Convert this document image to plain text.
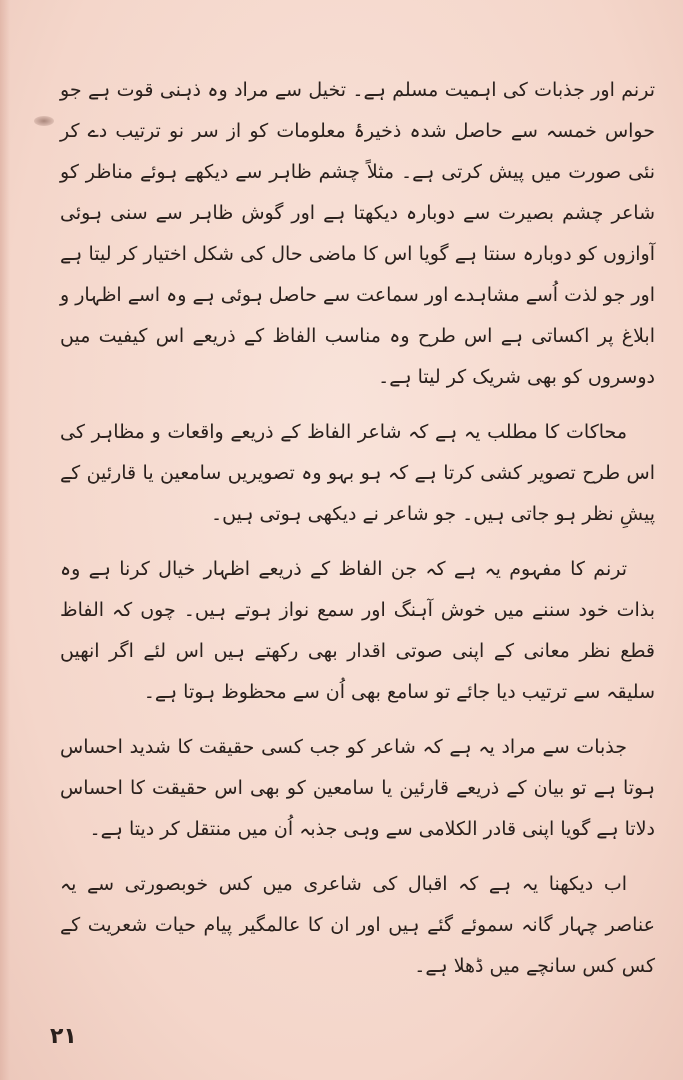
ترنم اور جذبات کی اہمیت مسلم ہے۔ تخیل سے مراد وہ ذہنی قوت ہے جو حواس خمسہ سے حاصل شدہ ذخیرۂ معلومات کو از سر نو ترتیب دے کر نئی صورت میں پیش کرتی ہے۔ مثلاً چشم ظاہر سے دیکھے ہوئے مناظر کو شاعر چشم بصیرت سے دوبارہ دیکھتا ہے اور گوش ظاہر سے سنی ہوئی آوازوں کو دوبارہ سنتا ہے گویا اس کا ماضی حال کی شکل اختیار کر لیتا ہے اور جو لذت اُسے مشاہدے اور سماعت سے حاصل ہوئی ہے وہ اسے اظہار و ابلاغ پر اکساتی ہے اس طرح وہ مناسب الفاظ کے ذریعے اس کیفیت میں دوسروں کو بھی شریک کر لیتا ہے۔

محاکات کا مطلب یہ ہے کہ شاعر الفاظ کے ذریعے واقعات و مظاہر کی اس طرح تصویر کشی کرتا ہے کہ ہو بہو وہ تصویریں سامعین یا قارئین کے پیشِ نظر ہو جاتی ہیں۔ جو شاعر نے دیکھی ہوتی ہیں۔

ترنم کا مفہوم یہ ہے کہ جن الفاظ کے ذریعے اظہار خیال کرنا ہے وہ بذات خود سننے میں خوش آہنگ اور سمع نواز ہوتے ہیں۔ چوں کہ الفاظ قطع نظر معانی کے اپنی صوتی اقدار بھی رکھتے ہیں اس لئے اگر انھیں سلیقہ سے ترتیب دیا جائے تو سامع بھی اُن سے محظوظ ہوتا ہے۔

جذبات سے مراد یہ ہے کہ شاعر کو جب کسی حقیقت کا شدید احساس ہوتا ہے تو بیان کے ذریعے قارئین یا سامعین کو بھی اس حقیقت کا احساس دلاتا ہے گویا اپنی قادر الکلامی سے وہی جذبہ اُن میں منتقل کر دیتا ہے۔

اب دیکھنا یہ ہے کہ اقبال کی شاعری میں کس خوبصورتی سے یہ عناصر چہار گانہ سموئے گئے ہیں اور ان کا عالمگیر پیام حیات شعریت کے کس کس سانچے میں ڈھلا ہے۔

۲۱
